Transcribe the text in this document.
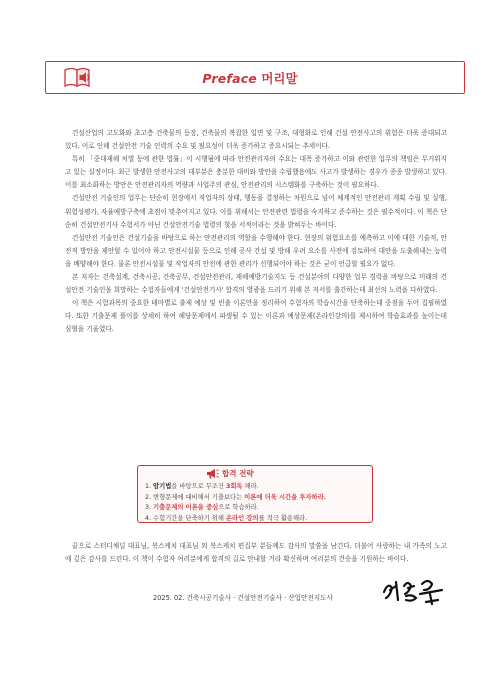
Preface 머리말

건설산업의 고도화와 초고층 건축물의 등장, 건축물의 복잡한 입면 및 구조, 대형화로 인해 건설 안전사고의 위험은 더욱 증대되고 있다. 이로 인해 건설안전 기술 인력의 수요 및 필요성이 더욱 증가하고 증요시되는 추세이다.

특히 「중대재해 처벌 등에 관한 법률」이 시행됨에 따라 안전관리자의 수요는 대폭 증가하고 이와 관련한 업무의 책임은 무거워지고 있는 실정이다. 최근 발생한 안전사고의 대부분은 충분한 대비와 방안을 수립했음에도 사고가 발생하는 경우가 종종 발생하고 있다. 이를 최소화하는 방안은 안전관리자의 역량과 사업주의 관심, 안전관리의 시스템화를 구축하는 것이 필요하다.

건설안전 기술인의 업무는 단순히 현장에서 작업자의 상태, 행동을 결정하는 차원으로 넘어 체계적인 안전관리 계획 수립 및 실행, 위험성평가, 자율예방구축에 초점이 맞추어지고 있다. 이를 위해서는 안전관련 법령을 숙지하고 준수하는 것은 필수적이다. 이 책은 단순히 건설안전기사 수험서가 아닌 건설안전기술 법령의 핫을 서적이라는 것을 밝혀두는 바이다.

건설안전 기술인은 건설기술을 바탕으로 하는 안전관리의 역할을 수행해야 한다. 현장의 위험요소를 예측하고 이에 대한 기술적, 안전적 방안을 제안할 수 있어야 하고 안전시설물 등으로 인해 공사 간섭 및 방해 우려 요소를 사전에 검토하여 대안을 도출해내는 능력을 배양해야 한다. 물론 안전시설물 및 작업자의 안전에 관한 관리가 선행되어야 하는 것은 굳이 언급할 필요가 없다.

본 저자는 건축설계, 건축시공, 건축공무, 건설안전관리, 재해예방기술지도 등 건설분야의 다양한 업무 경력을 바탕으로 미래의 건설안전 기술인을 희망하는 수험자들에게 '건설안전기사' 합격의 영광을 드리기 위해 본 저서를 출간하는데 최선의 노력을 다하였다.

이 책은 시험과목의 중요한 테마별로 출제 예상 및 빈출 이론만을 정리하여 수험자의 학습시간을 단축하는데 중점을 두어 집필하였다. 또한 기출문제 풀이를 상세히 하여 해당문제에서 파생될 수 있는 이론과 예상문제(온라인강의)를 제시하여 학습효과를 높이는데 심혈을 기울였다.

합격 전략
1. 암기법을 바탕으로 무조건 3회독 해라.
2. 변형문제에 대비해서 기출보다는 이론에 더욱 시간을 투자하라.
3. 기출문제의 이론을 중심으로 학습하라.
4. 수험기간을 단축하기 위해 온라인 강의를 적극 활용해라.

끝으로 스터디채널 대표님, 북스케치 대표님 외 북스케치 편집부 분들께도 감사의 말씀을 남긴다. 더불어 사랑하는 내 가족의 노고에 깊은 감사를 드린다. 이 책이 수험자 여러분에게 합격의 길로 안내할 거라 확신하며 여러분의 건승을 기원하는 바이다.

2025. 02. 건축시공기술사 · 건설안전기술사 · 산업안전지도사
